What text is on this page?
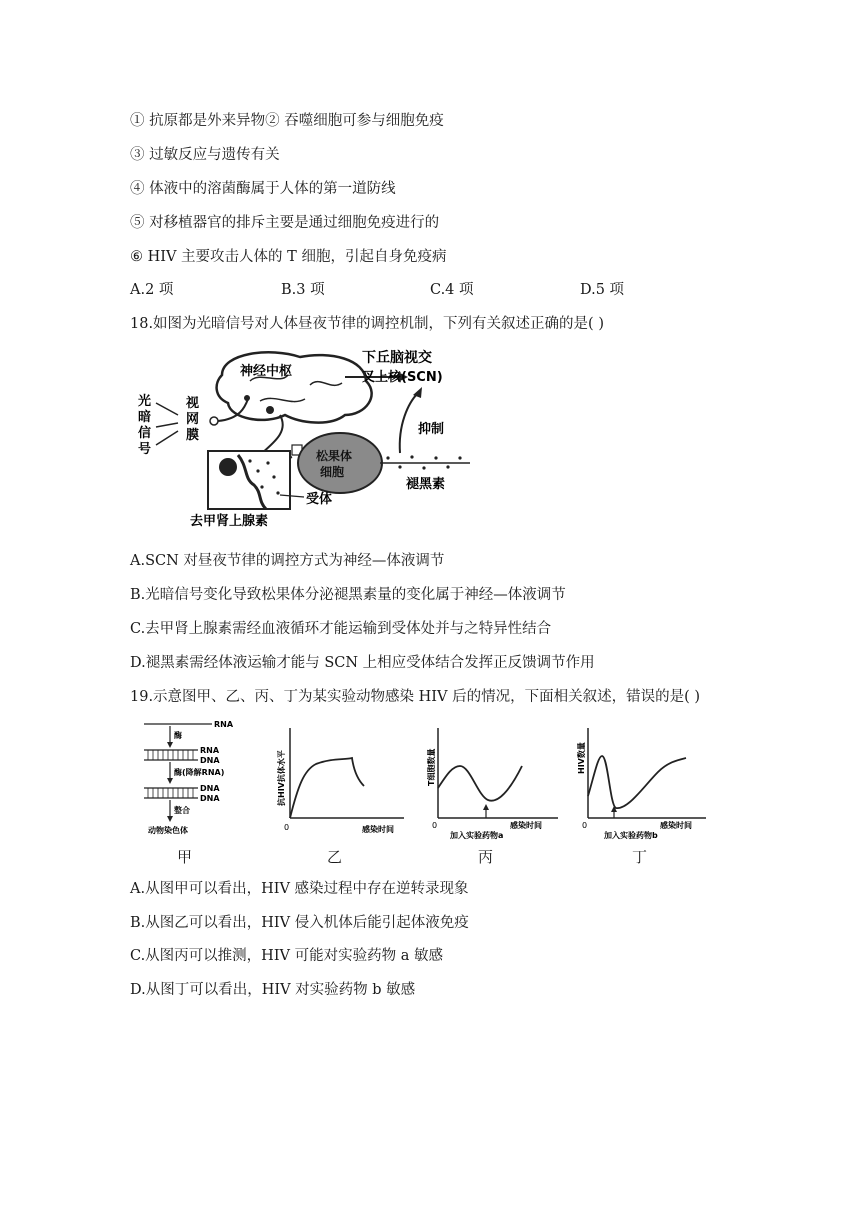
① 抗原都是外来异物② 吞噬细胞可参与细胞免疫
③ 过敏反应与遗传有关
④ 体液中的溶菌酶属于人体的第一道防线
⑤ 对移植器官的排斥主要是通过细胞免疫进行的
⑥ HIV 主要攻击人体的 T 细胞，引起自身免疫病
A.2 项	B.3 项	C.4 项	D.5 项
18.如图为光暗信号对人体昼夜节律的调控机制，下列有关叙述正确的是( )
神经中枢
下丘脑视交
叉上核(SCN)
光
暗
信
号
视
网
膜
松果体
细胞
褪黑素
抑制
受体
去甲肾上腺素
A.SCN 对昼夜节律的调控方式为神经—体液调节
B.光暗信号变化导致松果体分泌褪黑素量的变化属于神经—体液调节
C.去甲肾上腺素需经血液循环才能运输到受体处并与之特异性结合
D.褪黑素需经体液运输才能与 SCN 上相应受体结合发挥正反馈调节作用
19.示意图甲、乙、丙、丁为某实验动物感染 HIV 后的情况，下面相关叙述，错误的是( )
RNA
酶
RNA
DNA
酶(降解RNA)
DNA
DNA
整合
动物染色体
抗HIV抗体水平
0	感染时间
T细胞数量
0	感染时间
加入实验药物a
HIV数量
0	感染时间
加入实验药物b
甲	乙	丙	丁
A.从图甲可以看出，HIV 感染过程中存在逆转录现象
B.从图乙可以看出，HIV 侵入机体后能引起体液免疫
C.从图丙可以推测，HIV 可能对实验药物 a 敏感
D.从图丁可以看出，HIV 对实验药物 b 敏感
